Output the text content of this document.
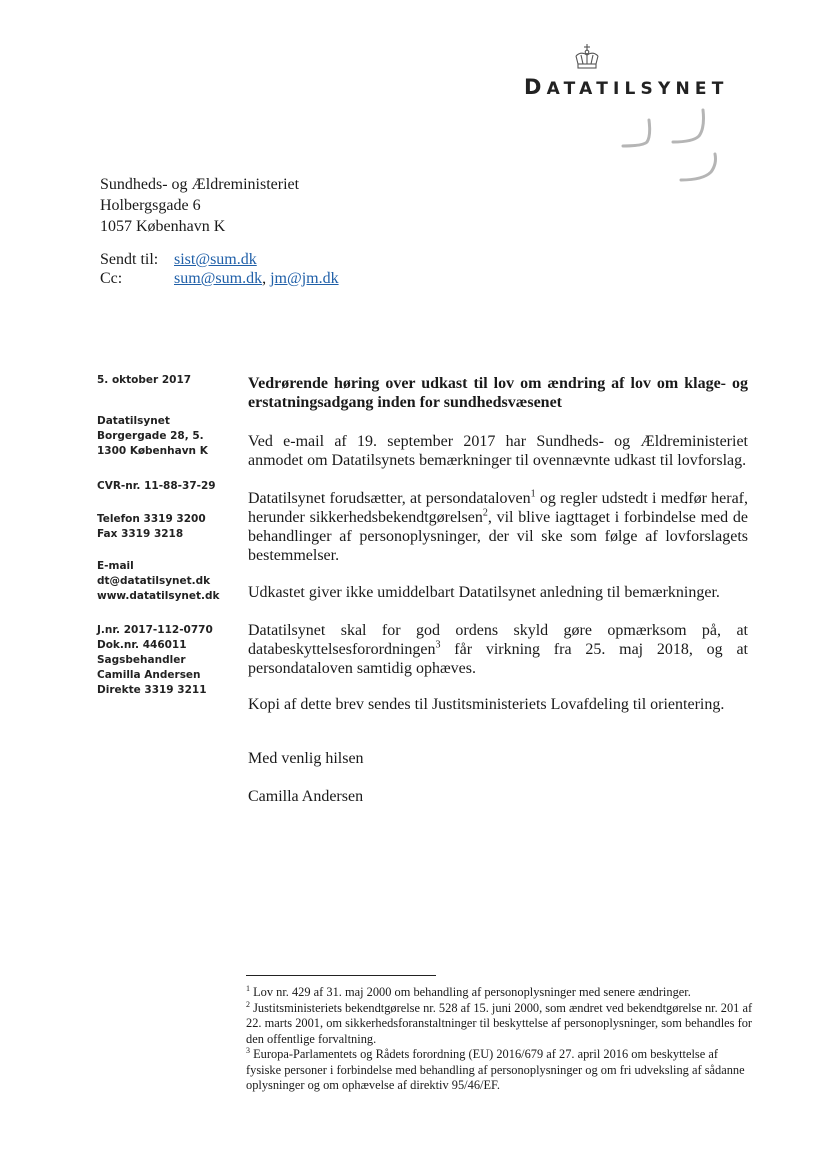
DATATILSYNET
Sundheds- og Ældreministeriet
Holbergsgade 6
1057 København K
Sendt til: sist@sum.dk
Cc:	sum@sum.dk, jm@jm.dk
5. oktober 2017
Datatilsynet
Borgergade 28, 5.
1300 København K
CVR-nr. 11-88-37-29
Telefon 3319 3200
Fax 3319 3218
E-mail
dt@datatilsynet.dk
www.datatilsynet.dk
J.nr. 2017-112-0770
Dok.nr. 446011
Sagsbehandler
Camilla Andersen
Direkte 3319 3211
Vedrørende høring over udkast til lov om ændring af lov om klage- og erstatningsadgang inden for sundhedsvæsenet
Ved e-mail af 19. september 2017 har Sundheds- og Ældreministeriet anmodet om Datatilsynets bemærkninger til ovennævnte udkast til lovforslag.
Datatilsynet forudsætter, at persondataloven$^1$ og regler udstedt i medfør heraf, herunder sikkerhedsbekendtgørelsen$^2$, vil blive iagttaget i forbindelse med de behandlinger af personoplysninger, der vil ske som følge af lovforslagets bestemmelser.
Udkastet giver ikke umiddelbart Datatilsynet anledning til bemærkninger.
Datatilsynet skal for god ordens skyld gøre opmærksom på, at databeskyttelsesforordningen$^3$ får virkning fra 25. maj 2018, og at persondataloven samtidig ophæves.
Kopi af dette brev sendes til Justitsministeriets Lovafdeling til orientering.
Med venlig hilsen
Camilla Andersen
$^1$ Lov nr. 429 af 31. maj 2000 om behandling af personoplysninger med senere ændringer.
$^2$ Justitsministeriets bekendtgørelse nr. 528 af 15. juni 2000, som ændret ved bekendtgørelse nr. 201 af 22. marts 2001, om sikkerhedsforanstaltninger til beskyttelse af personoplysninger, som behandles for den offentlige forvaltning.
$^3$ Europa-Parlamentets og Rådets forordning (EU) 2016/679 af 27. april 2016 om beskyttelse af fysiske personer i forbindelse med behandling af personoplysninger og om fri udveksling af sådanne oplysninger og om ophævelse af direktiv 95/46/EF.
